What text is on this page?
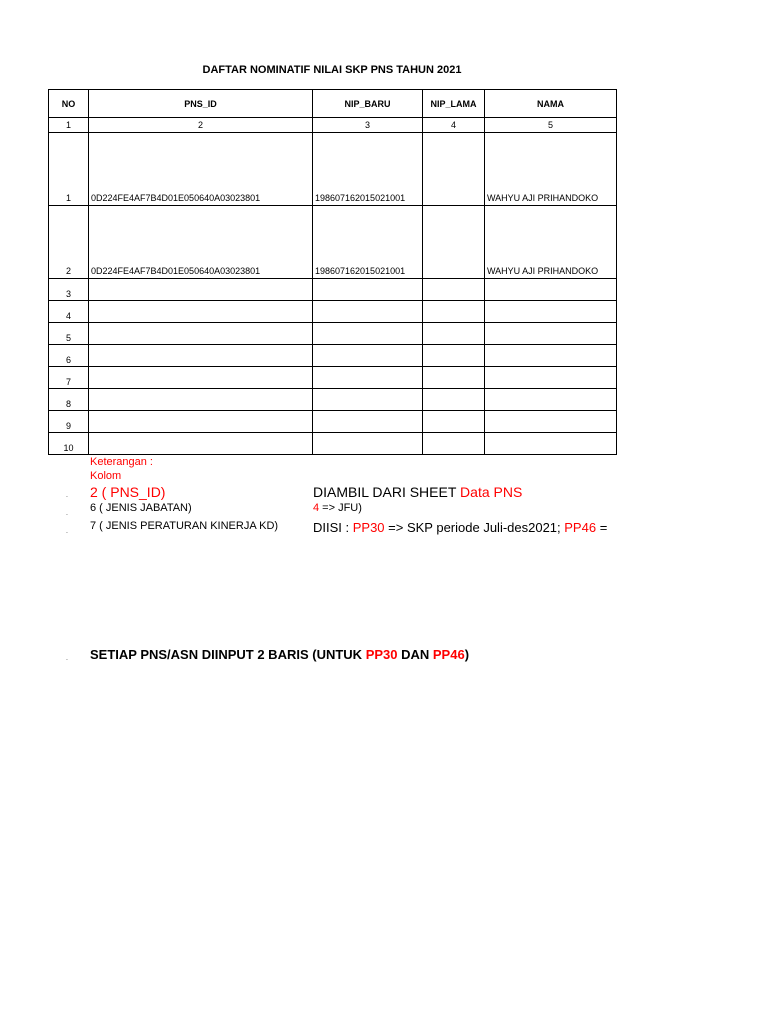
DAFTAR NOMINATIF NILAI SKP PNS TAHUN 2021
NO	PNS_ID	NIP_BARU	NIP_LAMA	NAMA
1	2	3	4	5
1	0D224FE4AF7B4D01E050640A03023801	198607162015021001		WAHYU AJI PRIHANDOKO
2	0D224FE4AF7B4D01E050640A03023801	198607162015021001		WAHYU AJI PRIHANDOKO
3				
4				
5				
6				
7				
8				
9				
10				
Keterangan :
Kolom
. 2 ( PNS_ID)	DIAMBIL DARI SHEET Data PNS
. 6 ( JENIS JABATAN)	4 => JFU)
. 7 ( JENIS PERATURAN KINERJA KD)	DIISI : PP30 => SKP periode Juli-des2021; PP46 =
. SETIAP PNS/ASN DIINPUT 2 BARIS (UNTUK PP30 DAN PP46)
